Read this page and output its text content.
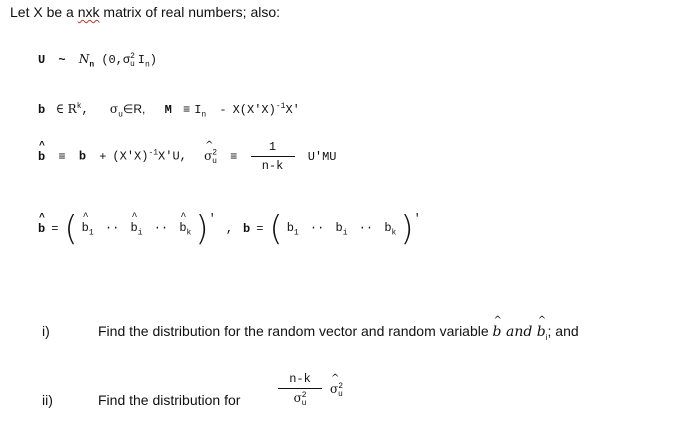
Let X be a nxk matrix of real numbers; also:
U ~ $N_n$ ($0,\sigma^2_u$ $I_n$)
b ∈ $R^k$, $\sigma_u\in R$, $M \equiv I_n - X(X'X)^{-1}X'$
^ $b \equiv b + (X'X)^{-1}X'U$, ^ $\sigma^2_u \equiv \frac{1}{n-k} U'MU$
^ b = ( ^ $b_1$ ·· ^ $b_i$ ·· ^ $b_k$ ) '
, b = ( $b_1 \cdot\cdot b_i \cdot\cdot b_k$ ) '
i)	Find the distribution for the random vector and random variable ^ b and ^ $b_i$; and
ii)	Find the distribution for	$\frac{n-k}{\sigma^2_u}$ ^ $\sigma^2_u$
